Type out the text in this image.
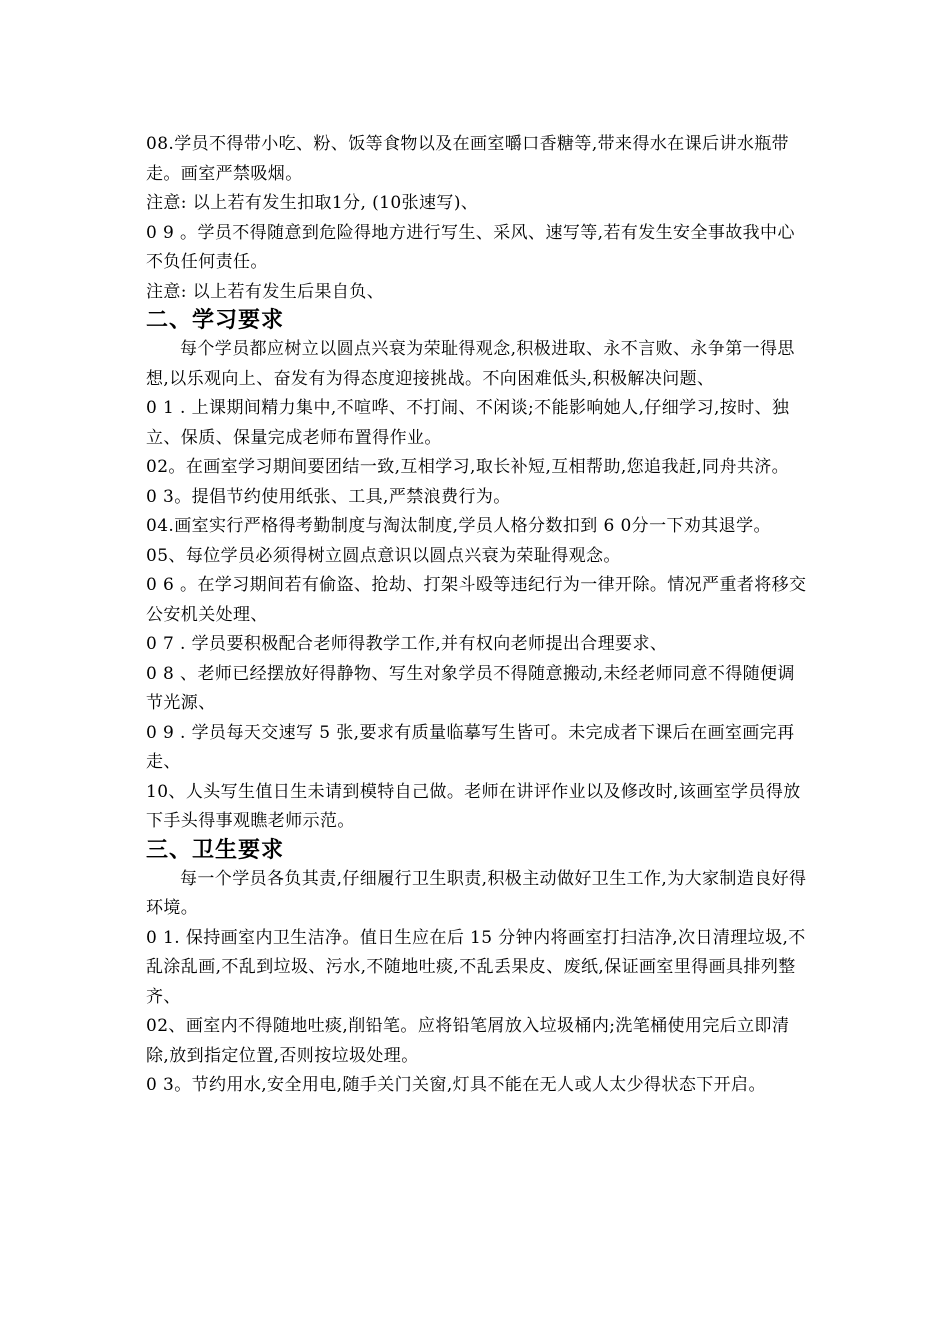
08.学员不得带小吃、粉、饭等食物以及在画室嚼口香糖等,带来得水在课后讲水瓶带走。画室严禁吸烟。

注意: 以上若有发生扣取1分, (10张速写)、

0 9 。学员不得随意到危险得地方进行写生、采风、速写等,若有发生安全事故我中心不负任何责任。

注意: 以上若有发生后果自负、

二、学习要求

每个学员都应树立以圆点兴衰为荣耻得观念,积极进取、永不言败、永争第一得思想,以乐观向上、奋发有为得态度迎接挑战。不向困难低头,积极解决问题、

0 1 . 上课期间精力集中,不喧哗、不打闹、不闲谈;不能影响她人,仔细学习,按时、独立、保质、保量完成老师布置得作业。

02。在画室学习期间要团结一致,互相学习,取长补短,互相帮助,您追我赶,同舟共济。

0 3。提倡节约使用纸张、工具,严禁浪费行为。

04.画室实行严格得考勤制度与淘汰制度,学员人格分数扣到 6 0分一下劝其退学。

05、每位学员必须得树立圆点意识以圆点兴衰为荣耻得观念。

0 6 。在学习期间若有偷盗、抢劫、打架斗殴等违纪行为一律开除。情况严重者将移交公安机关处理、

0 7 . 学员要积极配合老师得教学工作,并有权向老师提出合理要求、

0 8 、老师已经摆放好得静物、写生对象学员不得随意搬动,未经老师同意不得随便调节光源、

0 9 . 学员每天交速写 5 张,要求有质量临摹写生皆可。未完成者下课后在画室画完再走、

10、人头写生值日生未请到模特自己做。老师在讲评作业以及修改时,该画室学员得放下手头得事观瞧老师示范。

三、卫生要求

每一个学员各负其责,仔细履行卫生职责,积极主动做好卫生工作,为大家制造良好得环境。

0 1. 保持画室内卫生洁净。值日生应在后 15 分钟内将画室打扫洁净,次日清理垃圾,不乱涂乱画,不乱到垃圾、污水,不随地吐痰,不乱丢果皮、废纸,保证画室里得画具排列整齐、

02、画室内不得随地吐痰,削铅笔。应将铅笔屑放入垃圾桶内;洗笔桶使用完后立即清除,放到指定位置,否则按垃圾处理。

0 3。节约用水,安全用电,随手关门关窗,灯具不能在无人或人太少得状态下开启。
